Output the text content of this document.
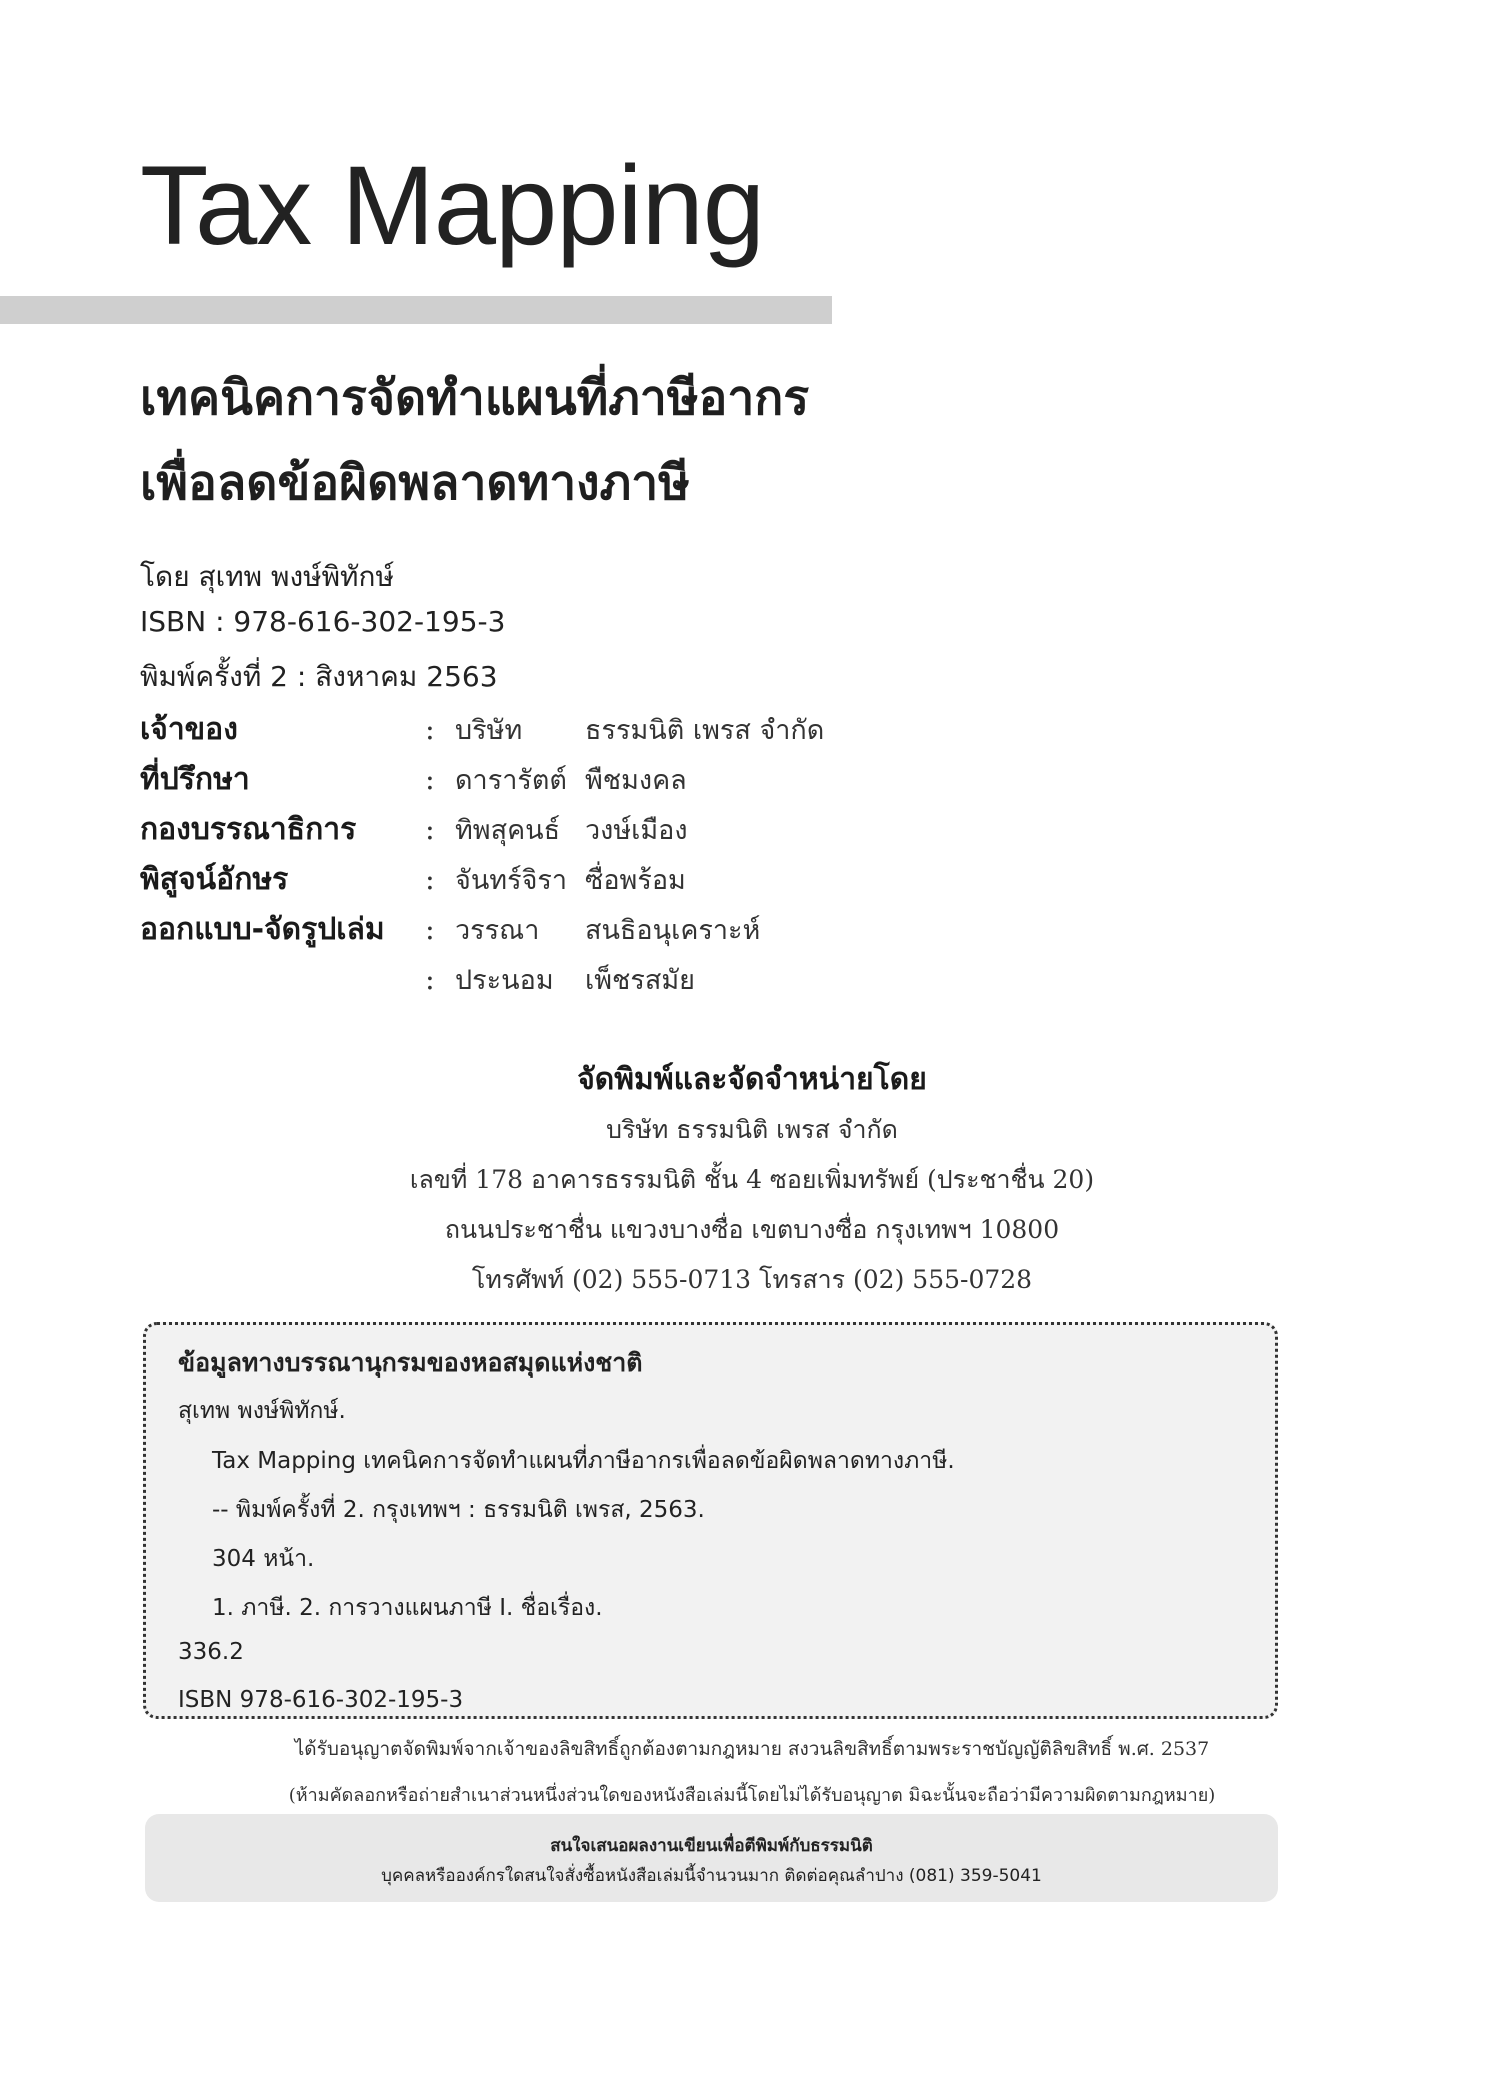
Tax Mapping
เทคนิคการจัดทำแผนที่ภาษีอากร
เพื่อลดข้อผิดพลาดทางภาษี
โดย สุเทพ พงษ์พิทักษ์
ISBN : 978-616-302-195-3
พิมพ์ครั้งที่ 2 : สิงหาคม 2563
เจ้าของ	: บริษัท	ธรรมนิติ เพรส จำกัด
ที่ปรึกษา	: ดารารัตต์ พืชมงคล
กองบรรณาธิการ	: ทิพสุคนธ์ วงษ์เมือง
พิสูจน์อักษร	: จันทร์จิรา ซื่อพร้อม
ออกแบบ-จัดรูปเล่ม	: วรรณา	สนธิอนุเคราะห์
: ประนอม	เพ็ชรสมัย
จัดพิมพ์และจัดจำหน่ายโดย
บริษัท ธรรมนิติ เพรส จำกัด
เลขที่ 178 อาคารธรรมนิติ ชั้น 4 ซอยเพิ่มทรัพย์ (ประชาชื่น 20)
ถนนประชาชื่น แขวงบางซื่อ เขตบางซื่อ กรุงเทพฯ 10800
โทรศัพท์ (02) 555-0713 โทรสาร (02) 555-0728
ข้อมูลทางบรรณานุกรมของหอสมุดแห่งชาติ
สุเทพ พงษ์พิทักษ์.
Tax Mapping เทคนิคการจัดทำแผนที่ภาษีอากรเพื่อลดข้อผิดพลาดทางภาษี.
-- พิมพ์ครั้งที่ 2. กรุงเทพฯ : ธรรมนิติ เพรส, 2563.
304 หน้า.
1. ภาษี. 2. การวางแผนภาษี I. ชื่อเรื่อง.
336.2
ISBN 978-616-302-195-3
ได้รับอนุญาตจัดพิมพ์จากเจ้าของลิขสิทธิ์ถูกต้องตามกฎหมาย สงวนลิขสิทธิ์ตามพระราชบัญญัติลิขสิทธิ์ พ.ศ. 2537
(ห้ามคัดลอกหรือถ่ายสำเนาส่วนหนึ่งส่วนใดของหนังสือเล่มนี้โดยไม่ได้รับอนุญาต มิฉะนั้นจะถือว่ามีความผิดตามกฎหมาย)
สนใจเสนอผลงานเขียนเพื่อตีพิมพ์กับธรรมนิติ
บุคคลหรือองค์กรใดสนใจสั่งซื้อหนังสือเล่มนี้จำนวนมาก ติดต่อคุณลำปาง (081) 359-5041
